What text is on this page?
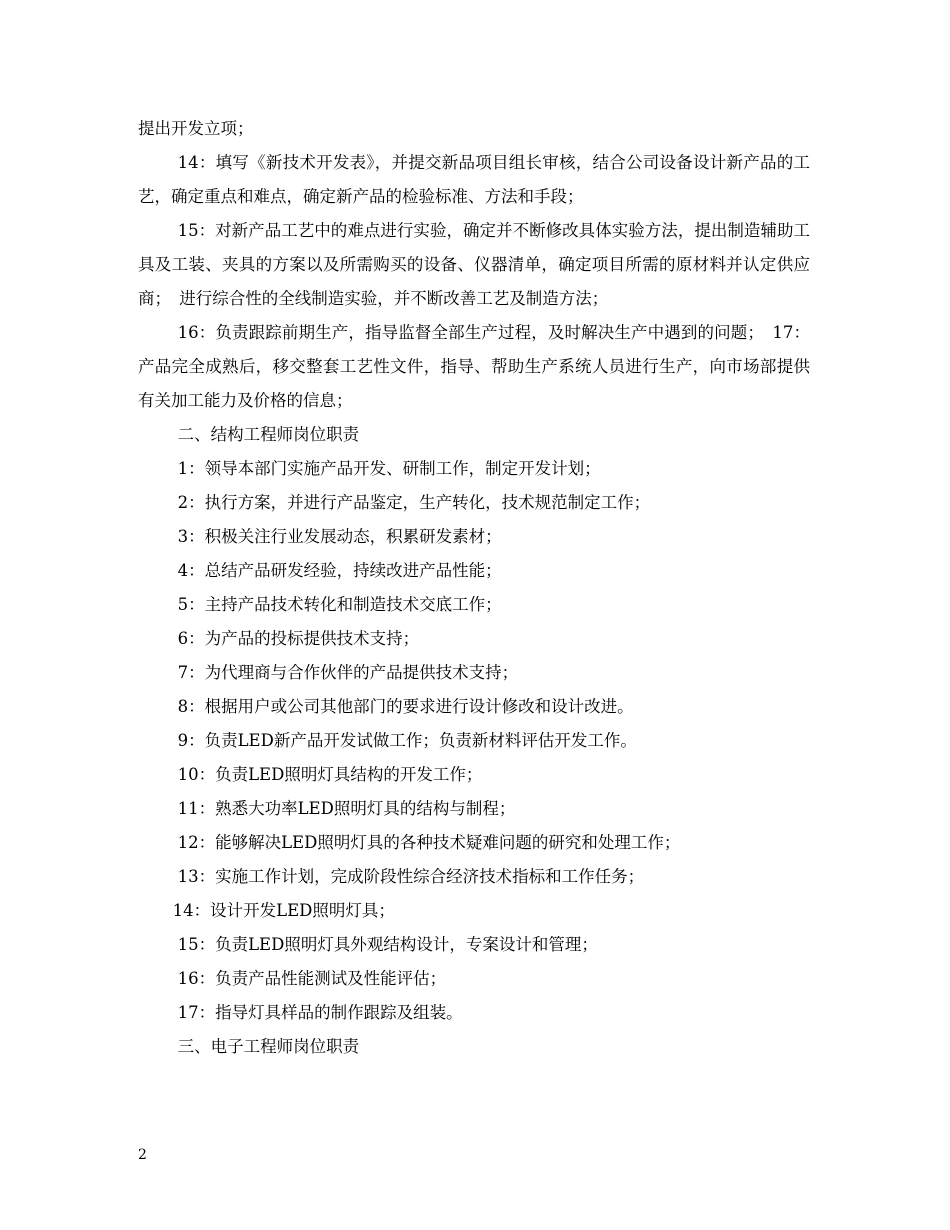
提出开发立项；

14：填写《新技术开发表》，并提交新品项目组长审核，结合公司设备设计新产品的工艺，确定重点和难点，确定新产品的检验标准、方法和手段；

15：对新产品工艺中的难点进行实验，确定并不断修改具体实验方法，提出制造辅助工具及工装、夹具的方案以及所需购买的设备、仪器清单，确定项目所需的原材料并认定供应商；　进行综合性的全线制造实验，并不断改善工艺及制造方法；

16：负责跟踪前期生产，指导监督全部生产过程，及时解决生产中遇到的问题；　17：产品完全成熟后，移交整套工艺性文件，指导、帮助生产系统人员进行生产，向市场部提供有关加工能力及价格的信息；

二、结构工程师岗位职责

1：领导本部门实施产品开发、研制工作，制定开发计划；

2：执行方案，并进行产品鉴定，生产转化，技术规范制定工作；

3：积极关注行业发展动态，积累研发素材；

4：总结产品研发经验，持续改进产品性能；

5：主持产品技术转化和制造技术交底工作；

6：为产品的投标提供技术支持；

7：为代理商与合作伙伴的产品提供技术支持；

8：根据用户或公司其他部门的要求进行设计修改和设计改进。

9：负责LED新产品开发试做工作；负责新材料评估开发工作。

10：负责LED照明灯具结构的开发工作；

11：熟悉大功率LED照明灯具的结构与制程；

12：能够解决LED照明灯具的各种技术疑难问题的研究和处理工作；

13：实施工作计划，完成阶段性综合经济技术指标和工作任务；

14：设计开发LED照明灯具；

15：负责LED照明灯具外观结构设计，专案设计和管理；

16：负责产品性能测试及性能评估；

17：指导灯具样品的制作跟踪及组装。

三、电子工程师岗位职责

2
